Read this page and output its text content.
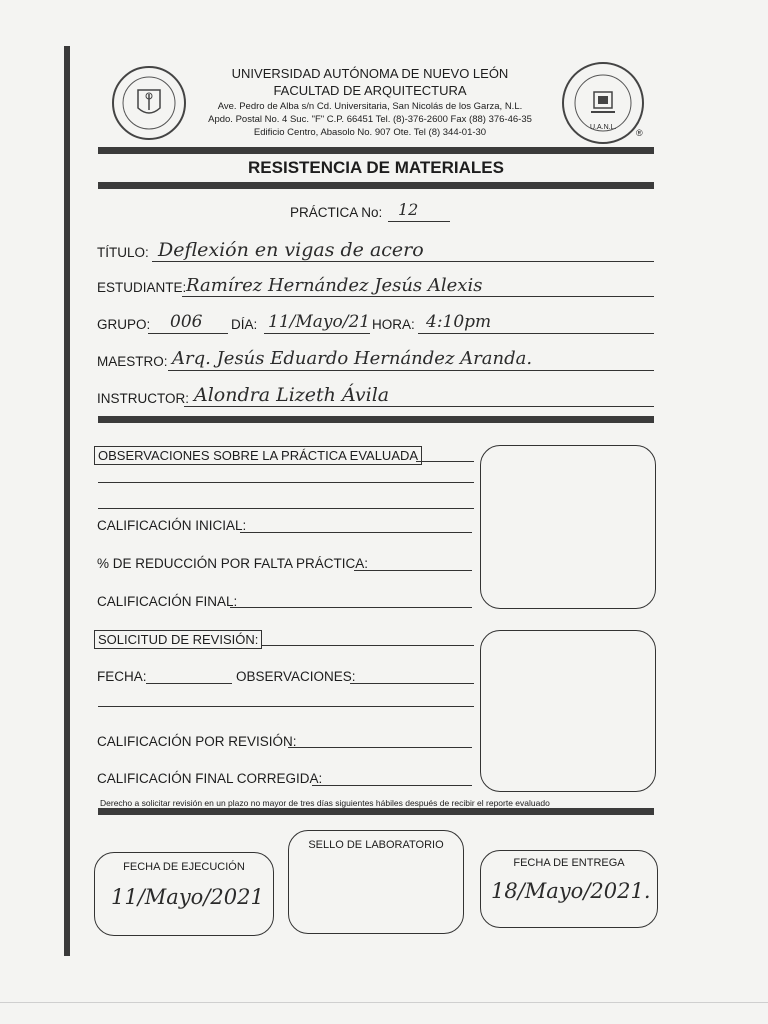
UNIVERSIDAD AUTÓNOMA DE NUEVO LEÓN
FACULTAD DE ARQUITECTURA
Ave. Pedro de Alba s/n Cd. Universitaria, San Nicolás de los Garza, N.L.
Apdo. Postal No. 4 Suc. "F" C.P. 66451 Tel. (8)-376-2600 Fax (88) 376-46-35
Edificio Centro, Abasolo No. 907 Ote. Tel (8) 344-01-30	U.A.N.L.
®
RESISTENCIA DE MATERIALES
PRÁCTICA No: 12
TÍTULO: Deflexión en vigas de acero
ESTUDIANTE: Ramírez Hernández Jesús Alexis
GRUPO: 006 DÍA: 11/Mayo/21 HORA: 4:10pm
MAESTRO: Arq. Jesús Eduardo Hernández Aranda.
INSTRUCTOR: Alondra Lizeth Ávila
OBSERVACIONES SOBRE LA PRÁCTICA EVALUADA
CALIFICACIÓN INICIAL:
% DE REDUCCIÓN POR FALTA PRÁCTICA:
CALIFICACIÓN FINAL:
SOLICITUD DE REVISIÓN:
FECHA:	OBSERVACIONES:
CALIFICACIÓN POR REVISIÓN:
CALIFICACIÓN FINAL CORREGIDA:
Derecho a solicitar revisión en un plazo no mayor de tres días siguientes hábiles después de recibir el reporte evaluado
FECHA DE EJECUCIÓN
11/Mayo/2021
SELLO DE LABORATORIO
FECHA DE ENTREGA
18/Mayo/2021.
